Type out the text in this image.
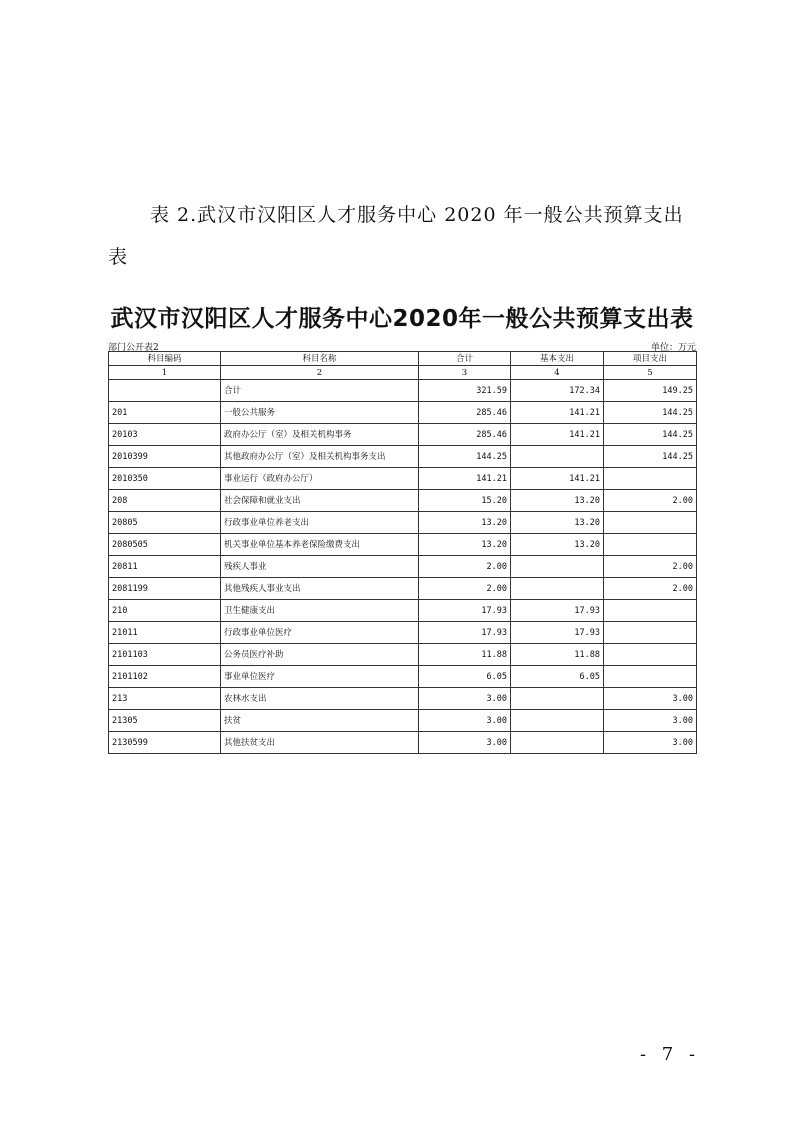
表 2.武汉市汉阳区人才服务中心 2020 年一般公共预算支出
表
武汉市汉阳区人才服务中心2020年一般公共预算支出表
部门公开表2	单位：万元
科目编码	科目名称	合计	基本支出	项目支出
1	2	3	4	5
	合计	321.59	172.34	149.25
201	一般公共服务	285.46	141.21	144.25
20103	政府办公厅（室）及相关机构事务	285.46	141.21	144.25
2010399	其他政府办公厅（室）及相关机构事务支出	144.25		144.25
2010350	事业运行（政府办公厅）	141.21	141.21	
208	社会保障和就业支出	15.20	13.20	2.00
20805	行政事业单位养老支出	13.20	13.20	
2080505	机关事业单位基本养老保险缴费支出	13.20	13.20	
20811	残疾人事业	2.00		2.00
2081199	其他残疾人事业支出	2.00		2.00
210	卫生健康支出	17.93	17.93	
21011	行政事业单位医疗	17.93	17.93	
2101103	公务员医疗补助	11.88	11.88	
2101102	事业单位医疗	6.05	6.05	
213	农林水支出	3.00		3.00
21305	扶贫	3.00		3.00
2130599	其他扶贫支出	3.00		3.00
- 7 -
